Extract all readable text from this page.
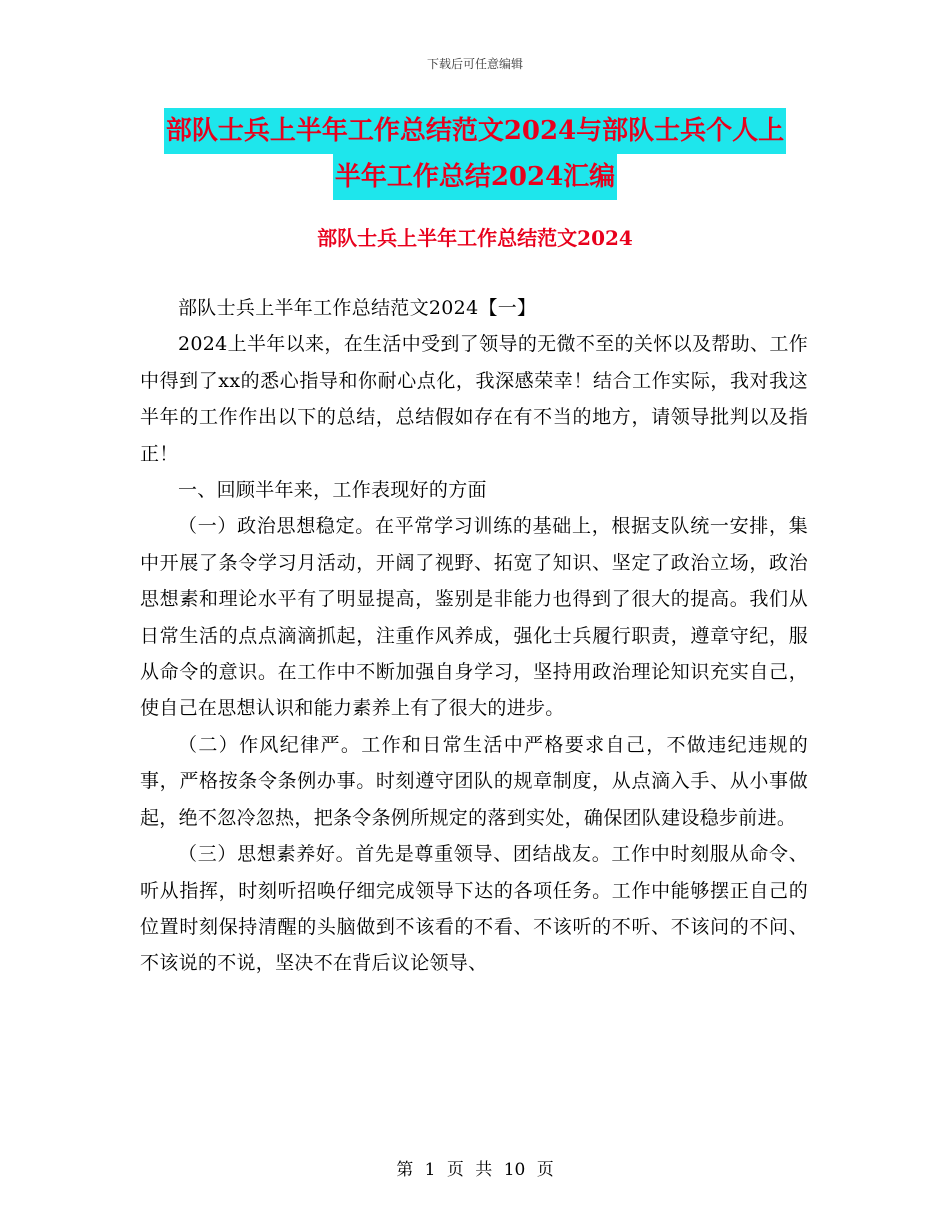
下载后可任意编辑
部队士兵上半年工作总结范文2024与部队士兵个人上
半年工作总结2024汇编
部队士兵上半年工作总结范文2024

部队士兵上半年工作总结范文2024【一】

2024上半年以来，在生活中受到了领导的无微不至的关怀以及帮助、工作中得到了xx的悉心指导和你耐心点化，我深感荣幸！结合工作实际，我对我这半年的工作作出以下的总结，总结假如存在有不当的地方，请领导批判以及指正！

一、回顾半年来，工作表现好的方面

（一）政治思想稳定。在平常学习训练的基础上，根据支队统一安排，集中开展了条令学习月活动，开阔了视野、拓宽了知识、坚定了政治立场，政治思想素和理论水平有了明显提高，鉴别是非能力也得到了很大的提高。我们从日常生活的点点滴滴抓起，注重作风养成，强化士兵履行职责，遵章守纪，服从命令的意识。在工作中不断加强自身学习，坚持用政治理论知识充实自己，使自己在思想认识和能力素养上有了很大的进步。

（二）作风纪律严。工作和日常生活中严格要求自己，不做违纪违规的事，严格按条令条例办事。时刻遵守团队的规章制度，从点滴入手、从小事做起，绝不忽冷忽热，把条令条例所规定的落到实处，确保团队建设稳步前进。

（三）思想素养好。首先是尊重领导、团结战友。工作中时刻服从命令、听从指挥，时刻听招唤仔细完成领导下达的各项任务。工作中能够摆正自己的位置时刻保持清醒的头脑做到不该看的不看、不该听的不听、不该问的不问、不该说的不说，坚决不在背后议论领导、

第 1 页 共 10 页
